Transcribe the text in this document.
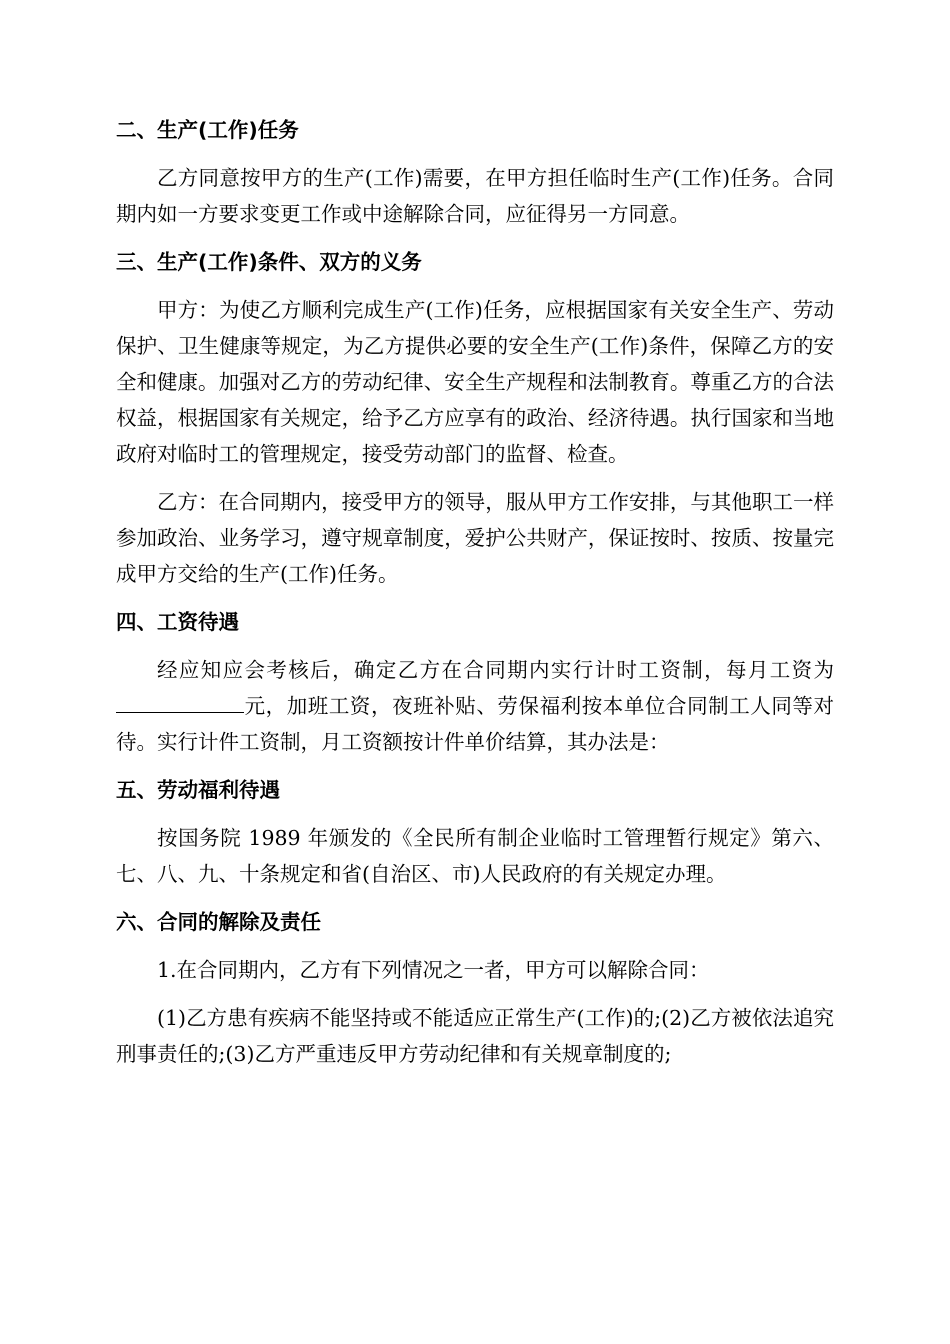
二、生产(工作)任务
乙方同意按甲方的生产(工作)需要，在甲方担任临时生产(工作)任务。合同期内如一方要求变更工作或中途解除合同，应征得另一方同意。
三、生产(工作)条件、双方的义务
甲方：为使乙方顺利完成生产(工作)任务，应根据国家有关安全生产、劳动保护、卫生健康等规定，为乙方提供必要的安全生产(工作)条件，保障乙方的安全和健康。加强对乙方的劳动纪律、安全生产规程和法制教育。尊重乙方的合法权益，根据国家有关规定，给予乙方应享有的政治、经济待遇。执行国家和当地政府对临时工的管理规定，接受劳动部门的监督、检查。
乙方：在合同期内，接受甲方的领导，服从甲方工作安排，与其他职工一样参加政治、业务学习，遵守规章制度，爱护公共财产，保证按时、按质、按量完成甲方交给的生产(工作)任务。
四、工资待遇
经应知应会考核后，确定乙方在合同期内实行计时工资制，每月工资为元，加班工资，夜班补贴、劳保福利按本单位合同制工人同等对待。实行计件工资制，月工资额按计件单价结算，其办法是：
五、劳动福利待遇
按国务院 1989 年颁发的《全民所有制企业临时工管理暂行规定》第六、七、八、九、十条规定和省(自治区、市)人民政府的有关规定办理。
六、合同的解除及责任
1.在合同期内，乙方有下列情况之一者，甲方可以解除合同：
(1)乙方患有疾病不能坚持或不能适应正常生产(工作)的;(2)乙方被依法追究刑事责任的;(3)乙方严重违反甲方劳动纪律和有关规章制度的;
